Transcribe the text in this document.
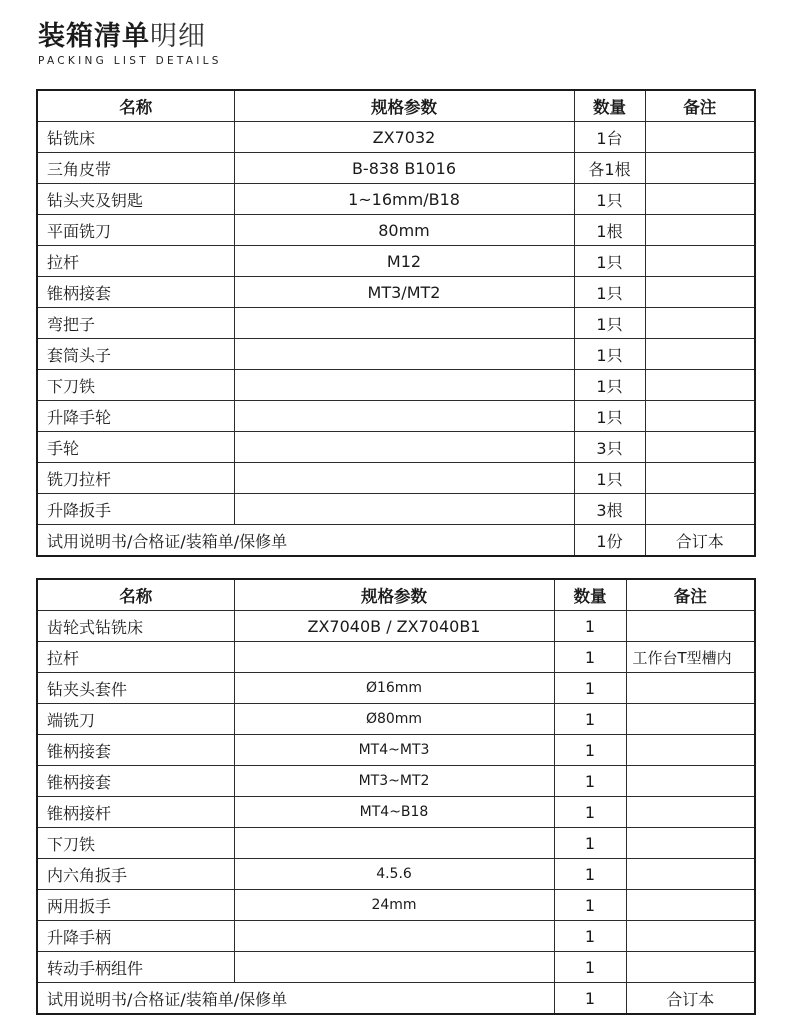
装箱清单明细
PACKING LIST DETAILS
名称	规格参数	数量	备注
钻铣床	ZX7032	1台	
三角皮带	B-838 B1016	各1根	
钻头夹及钥匙	1~16mm/B18	1只	
平面铣刀	80mm	1根	
拉杆	M12	1只	
锥柄接套	MT3/MT2	1只	
弯把子		1只	
套筒头子		1只	
下刀铁		1只	
升降手轮		1只	
手轮		3只	
铣刀拉杆		1只	
升降扳手		3根	
试用说明书/合格证/装箱单/保修单		1份	合订本
名称	规格参数	数量	备注
齿轮式钻铣床	ZX7040B / ZX7040B1	1	
拉杆		1	工作台T型槽内
钻夹头套件	Ø16mm	1	
端铣刀	Ø80mm	1	
锥柄接套	MT4~MT3	1	
锥柄接套	MT3~MT2	1	
锥柄接杆	MT4~B18	1	
下刀铁		1	
内六角扳手	4.5.6	1	
两用扳手	24mm	1	
升降手柄		1	
转动手柄组件		1	
试用说明书/合格证/装箱单/保修单		1	合订本
